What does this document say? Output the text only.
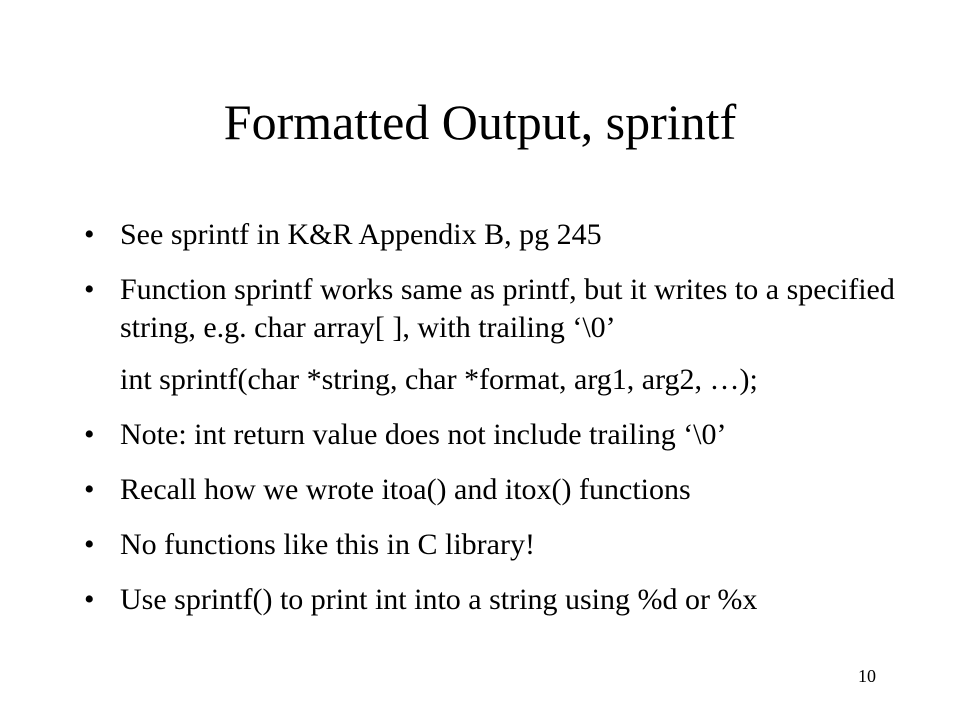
Formatted Output, sprintf
• See sprintf in K&R Appendix B, pg 245
• Function sprintf works same as printf, but it writes to a specified string, e.g. char array[ ], with trailing ‘\0’
int sprintf(char *string, char *format, arg1, arg2, …);
• Note: int return value does not include trailing ‘\0’
• Recall how we wrote itoa() and itox() functions
• No functions like this in C library!
• Use sprintf() to print int into a string using %d or %x
10
